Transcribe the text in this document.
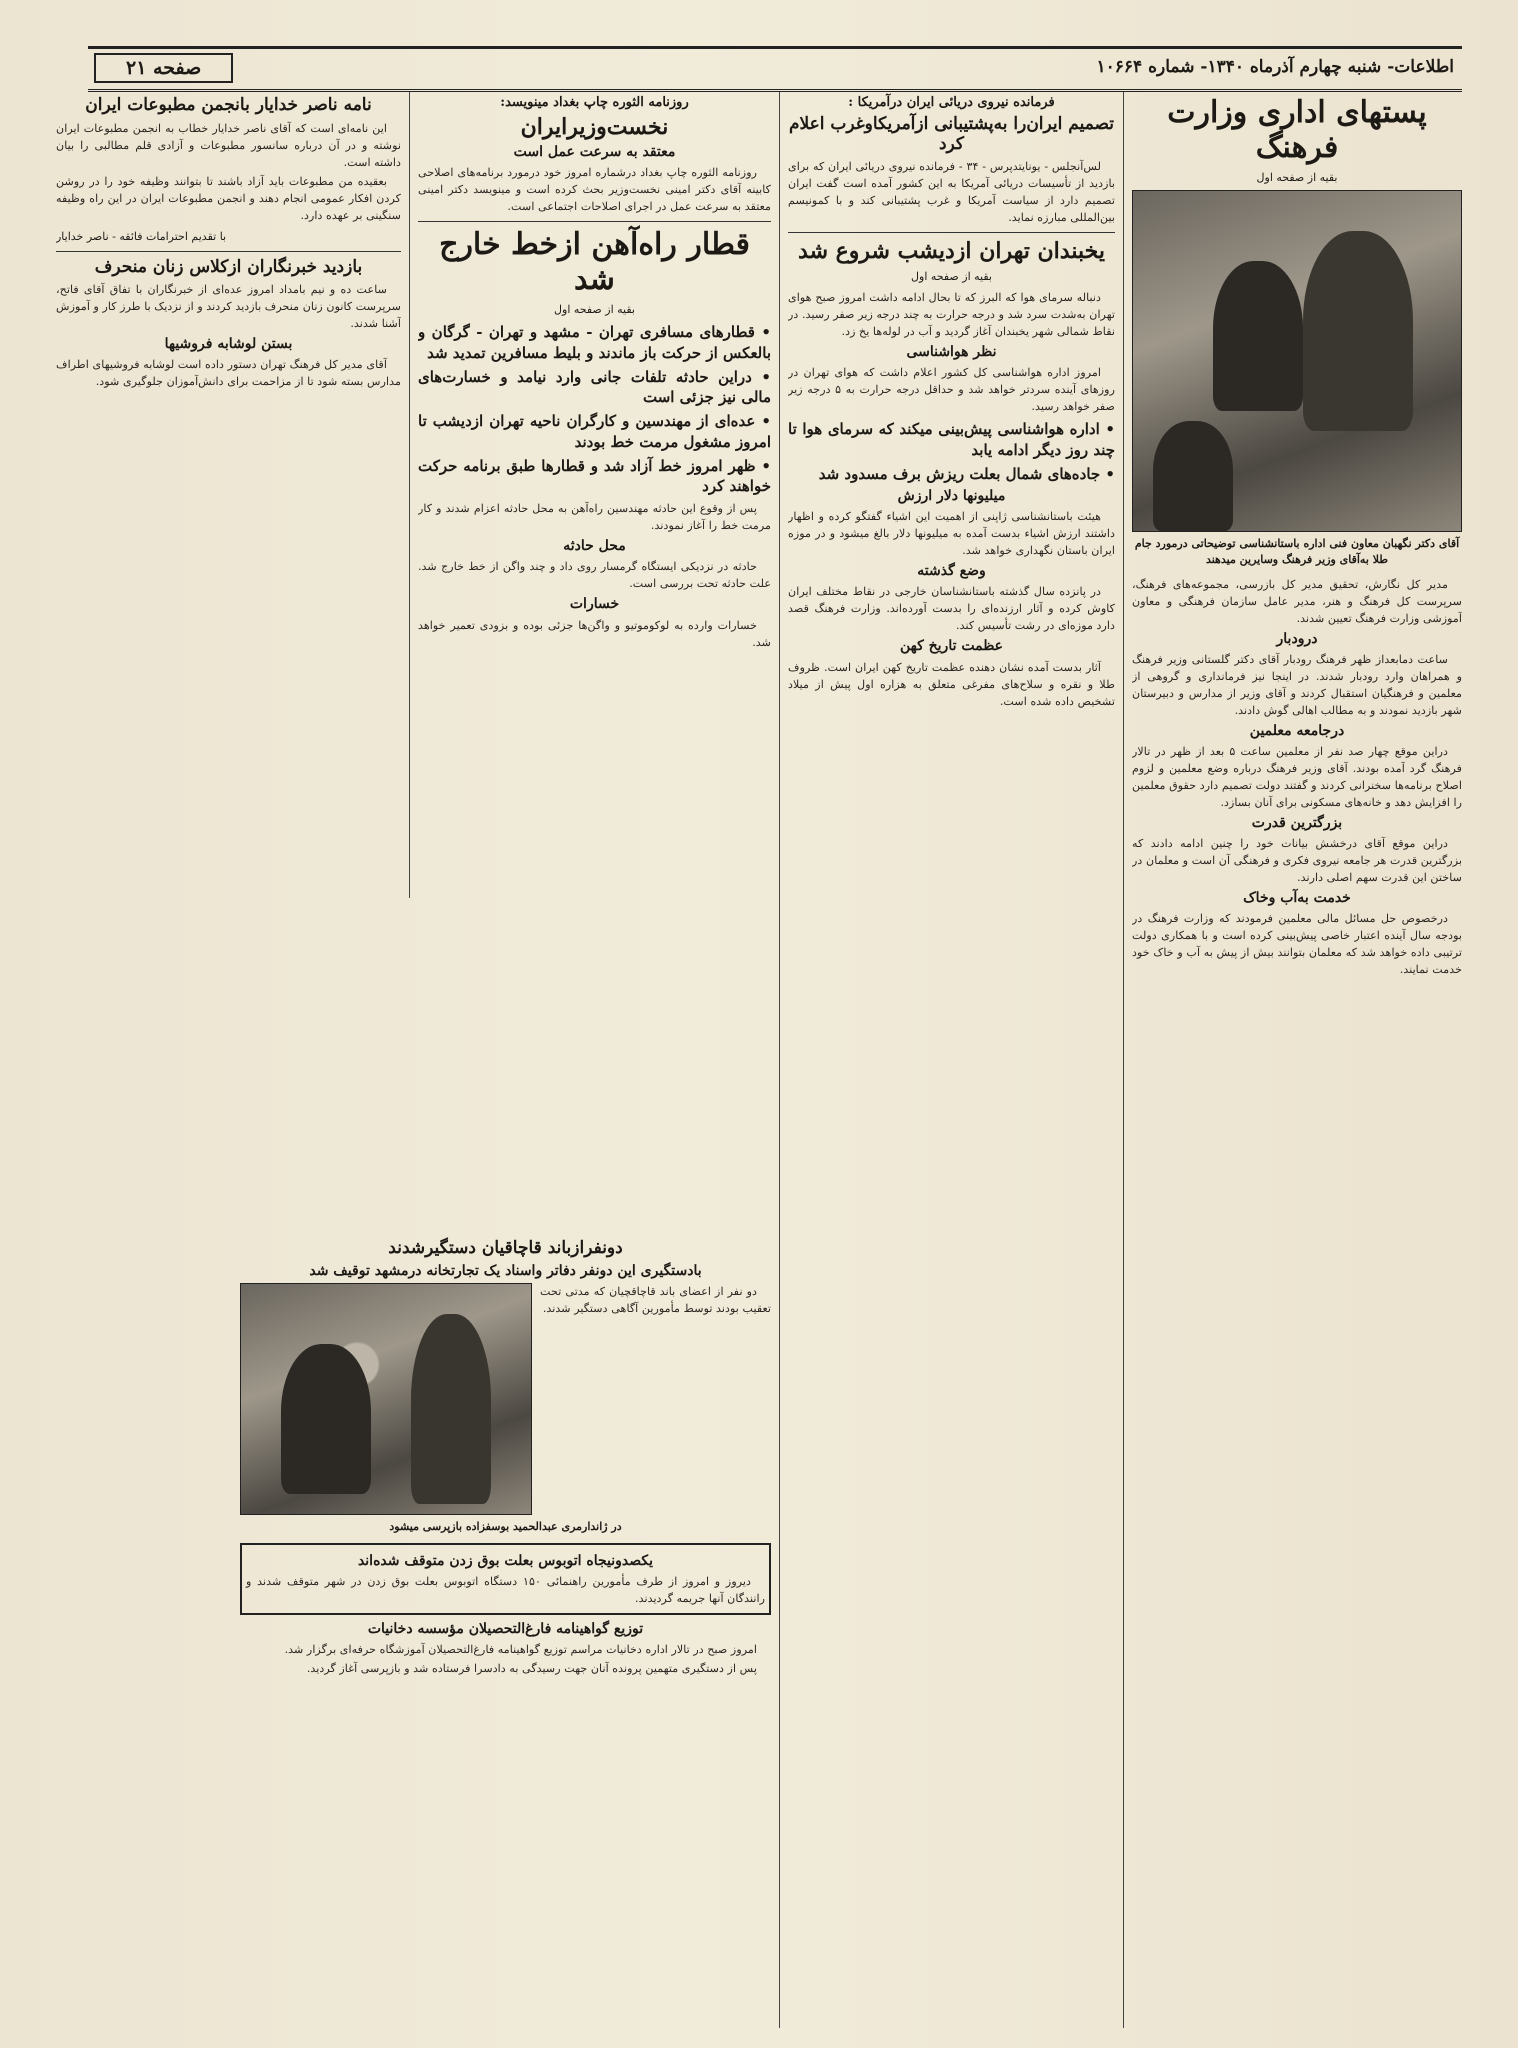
اطلاعات- شنبه چهارم آذرماه ۱۳۴۰- شماره ۱۰۶۶۴
صفحه ۲۱
پستهای اداری وزارت فرهنگ
بقیه از صفحه اول
آقای دکتر نگهبان معاون فنی اداره باستانشناسی توضیحاتی درمورد جام طلا به‌آقای وزیر فرهنگ وسایرین میدهند

مدیر کل نگارش، تحقیق مدیر کل بازرسی، مجموعه‌های فرهنگ، سرپرست کل فرهنگ و هنر، مدیر عامل سازمان فرهنگی و معاون آموزشی وزارت فرهنگ تعیین شدند.

درودبار

ساعت دمابعداز ظهر فرهنگ رودبار آقای دکتر گلستانی وزیر فرهنگ و همراهان وارد رودبار شدند. در اینجا نیز فرمانداری و گروهی از معلمین و فرهنگیان استقبال کردند و آقای وزیر از مدارس و دبیرستان شهر بازدید نمودند و به مطالب اهالی گوش دادند.

درجامعه معلمین

دراین موقع چهار صد نفر از معلمین ساعت ۵ بعد از ظهر در تالار فرهنگ گرد آمده بودند. آقای وزیر فرهنگ درباره وضع معلمین و لزوم اصلاح برنامه‌ها سخنرانی کردند و گفتند دولت تصمیم دارد حقوق معلمین را افزایش دهد و خانه‌های مسکونی برای آنان بسازد.

بزرگترین قدرت

دراین موقع آقای درخشش بیانات خود را چنین ادامه دادند که بزرگترین قدرت هر جامعه نیروی فکری و فرهنگی آن است و معلمان در ساختن این قدرت سهم اصلی دارند.

خدمت به‌آب وخاک

درخصوص حل مسائل مالی معلمین فرمودند که وزارت فرهنگ در بودجه سال آینده اعتبار خاصی پیش‌بینی کرده است و با همکاری دولت ترتیبی داده خواهد شد که معلمان بتوانند بیش از پیش به آب و خاک خود خدمت نمایند.

فرمانده نیروی دریائی ایران درآمریکا :
تصمیم ایران‌را به‌پشتیبانی ازآمریکاوغرب اعلام کرد

لس‌آنجلس - یونایتدپرس - ۳۴ - فرمانده نیروی دریائی ایران که برای بازدید از تأسیسات دریائی آمریکا به این کشور آمده است گفت ایران تصمیم دارد از سیاست آمریکا و غرب پشتیبانی کند و با کمونیسم بین‌المللی مبارزه نماید.

یخبندان تهران ازدیشب شروع شد
بقیه از صفحه اول

دنباله سرمای هوا که البرز که تا بحال ادامه داشت امروز صبح هوای تهران به‌شدت سرد شد و درجه حرارت به چند درجه زیر صفر رسید. در نقاط شمالی شهر یخبندان آغاز گردید و آب در لوله‌ها یخ زد.

نظر هواشناسی

امروز اداره هواشناسی کل کشور اعلام داشت که هوای تهران در روزهای آینده سردتر خواهد شد و حداقل درجه حرارت به ۵ درجه زیر صفر خواهد رسید.

• اداره هواشناسی پیش‌بینی میکند که سرمای هوا تا چند روز دیگر ادامه یابد
• جاده‌های شمال بعلت ریزش برف مسدود شد
میلیونها دلار ارزش

هیئت باستانشناسی ژاپنی از اهمیت این اشیاء گفتگو کرده و اظهار داشتند ارزش اشیاء بدست آمده به میلیونها دلار بالغ میشود و در موزه ایران باستان نگهداری خواهد شد.

وضع گذشته

در پانزده سال گذشته باستانشناسان خارجی در نقاط مختلف ایران کاوش کرده و آثار ارزنده‌ای را بدست آورده‌اند. وزارت فرهنگ قصد دارد موزه‌ای در رشت تأسیس کند.

عظمت تاریخ کهن

آثار بدست آمده نشان دهنده عظمت تاریخ کهن ایران است. ظروف طلا و نقره و سلاح‌های مفرغی متعلق به هزاره اول پیش از میلاد تشخیص داده شده است.

روزنامه الثوره چاپ بغداد مینویسد:
نخست‌وزیرایران
معتقد به سرعت عمل است

روزنامه الثوره چاپ بغداد درشماره امروز خود درمورد برنامه‌های اصلاحی کابینه آقای دکتر امینی نخست‌وزیر بحث کرده است و مینویسد دکتر امینی معتقد به سرعت عمل در اجرای اصلاحات اجتماعی است.

قطار راه‌آهن ازخط خارج شد
بقیه از صفحه اول
• قطارهای مسافری تهران - مشهد و تهران - گرگان و بالعکس از حرکت باز ماندند و بلیط مسافرین تمدید شد
• دراین حادثه تلفات جانی وارد نیامد و خسارت‌های مالی نیز جزئی است
• عده‌ای از مهندسین و کارگران ناحیه تهران ازدیشب تا امروز مشغول مرمت خط بودند
• ظهر امروز خط آزاد شد و قطارها طبق برنامه حرکت خواهند کرد

پس از وقوع این حادثه مهندسین راه‌آهن به محل حادثه اعزام شدند و کار مرمت خط را آغاز نمودند.

محل حادثه

حادثه در نزدیکی ایستگاه گرمسار روی داد و چند واگن از خط خارج شد. علت حادثه تحت بررسی است.

خسارات

خسارات وارده به لوکوموتیو و واگن‌ها جزئی بوده و بزودی تعمیر خواهد شد.

نامه ناصر خدایار بانجمن مطبوعات ایران

این نامه‌ای است که آقای ناصر خدایار خطاب به انجمن مطبوعات ایران نوشته و در آن درباره سانسور مطبوعات و آزادی قلم مطالبی را بیان داشته است.

بعقیده من مطبوعات باید آزاد باشند تا بتوانند وظیفه خود را در روشن کردن افکار عمومی انجام دهند و انجمن مطبوعات ایران در این راه وظیفه سنگینی بر عهده دارد.

با تقدیم احترامات فائقه - ناصر خدایار
بازدید خبرنگاران ازکلاس زنان منحرف

ساعت ده و نیم بامداد امروز عده‌ای از خبرنگاران با تفاق آقای فاتح، سرپرست کانون زنان منحرف بازدید کردند و از نزدیک با طرز کار و آموزش آشنا شدند.

بستن لوشابه فروشیها

آقای مدیر کل فرهنگ تهران دستور داده است لوشابه فروشیهای اطراف مدارس بسته شود تا از مزاحمت برای دانش‌آموزان جلوگیری شود.

دونفرازباند قاچاقیان دستگیرشدند
بادستگیری این دونفر دفاتر واسناد یک تجارتخانه درمشهد توقیف شد

دو نفر از اعضای باند قاچاقچیان که مدتی تحت تعقیب بودند توسط مأمورین آگاهی دستگیر شدند.

در ژاندارمری عبدالحمید بوسفزاده بازپرسی میشود
یکصدونیجاه اتوبوس بعلت بوق زدن متوقف شده‌اند

دیروز و امروز از طرف مأمورین راهنمائی ۱۵۰ دستگاه اتوبوس بعلت بوق زدن در شهر متوقف شدند و رانندگان آنها جریمه گردیدند.

توزیع گواهینامه فارغ‌التحصیلان مؤسسه دخانیات

امروز صبح در تالار اداره دخانیات مراسم توزیع گواهینامه فارغ‌التحصیلان آموزشگاه حرفه‌ای برگزار شد.

پس از دستگیری متهمین پرونده آنان جهت رسیدگی به دادسرا فرستاده شد و بازپرسی آغاز گردید.
